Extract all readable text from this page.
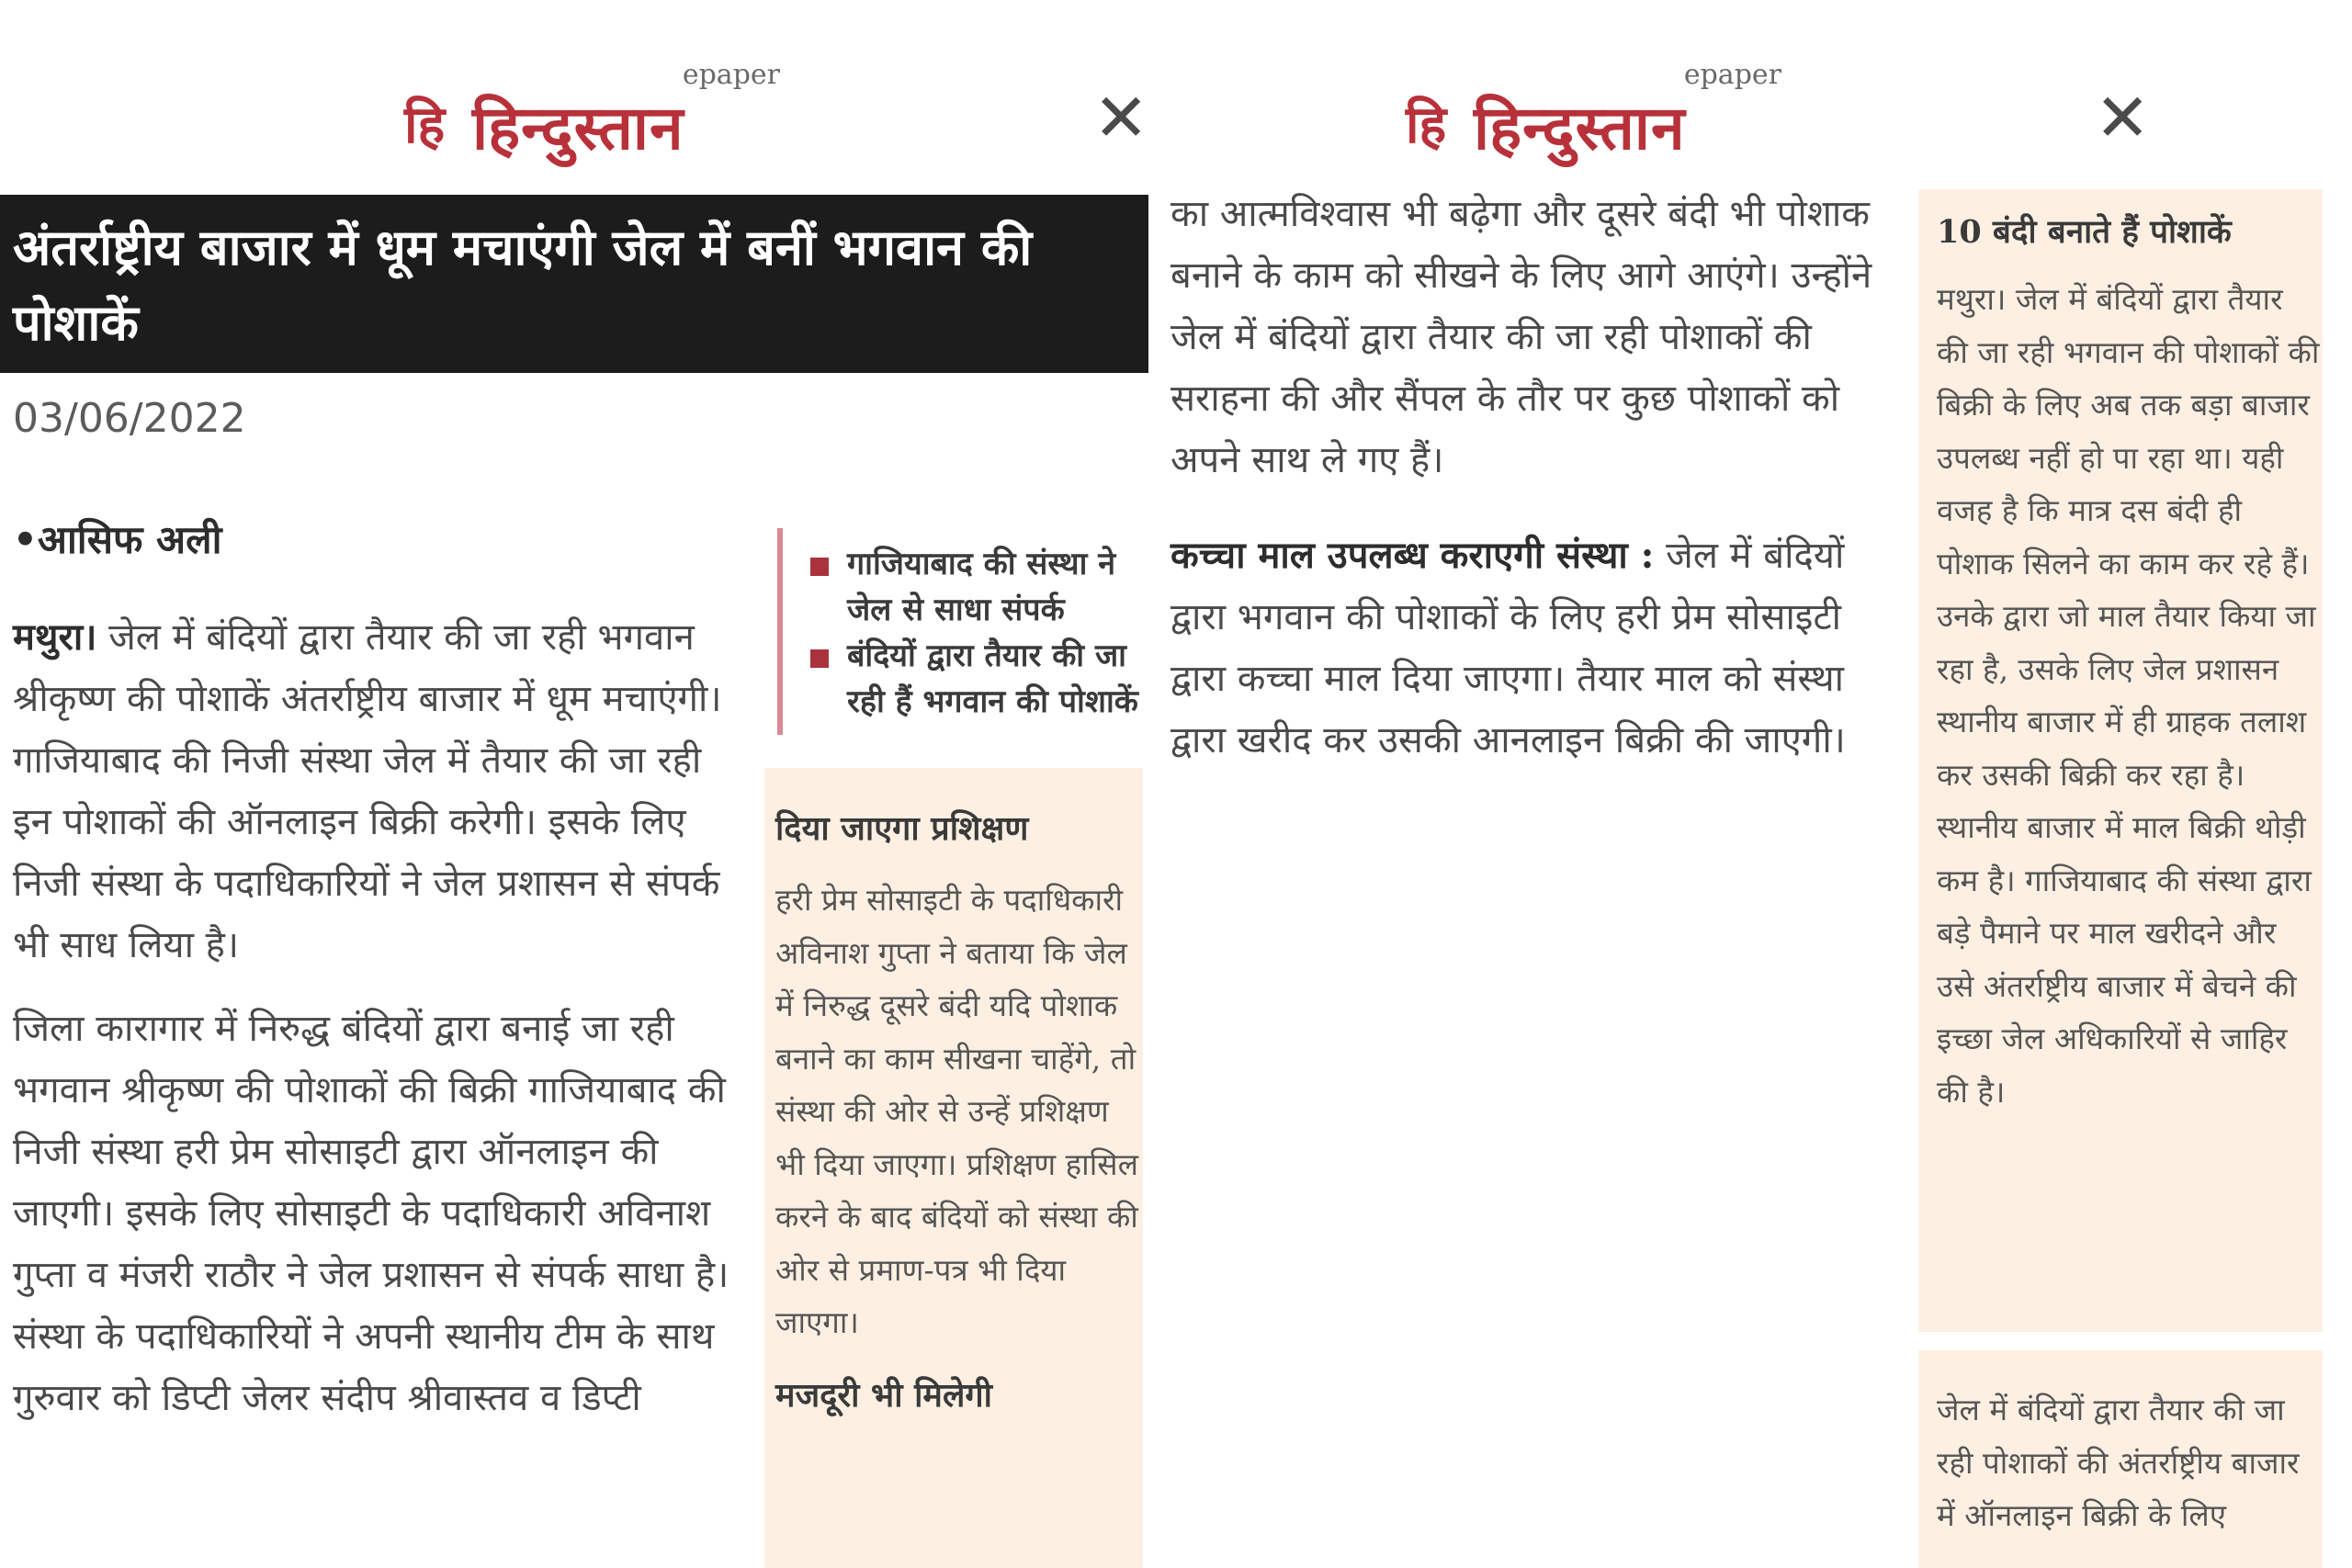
epaper
हि हिन्दुस्तान	✕
epaper
हि हिन्दुस्तान	✕
अंतर्राष्ट्रीय बाजार में धूम मचाएंगी जेल में बनीं भगवान की पोशाकें
03/06/2022
•आसिफ अली

मथुरा। जेल में बंदियों द्वारा तैयार की जा रही भगवान श्रीकृष्ण की पोशाकें अंतर्राष्ट्रीय बाजार में धूम मचाएंगी। गाजियाबाद की निजी संस्था जेल में तैयार की जा रही इन पोशाकों की ऑनलाइन बिक्री करेगी। इसके लिए निजी संस्था के पदाधिकारियों ने जेल प्रशासन से संपर्क भी साध लिया है।

जिला कारागार में निरुद्ध बंदियों द्वारा बनाई जा रही भगवान श्रीकृष्ण की पोशाकों की बिक्री गाजियाबाद की निजी संस्था हरी प्रेम सोसाइटी द्वारा ऑनलाइन की जाएगी। इसके लिए सोसाइटी के पदाधिकारी अविनाश गुप्ता व मंजरी राठौर ने जेल प्रशासन से संपर्क साधा है। संस्था के पदाधिकारियों ने अपनी स्थानीय टीम के साथ गुरुवार को डिप्टी जेलर संदीप श्रीवास्तव व डिप्टी

गाजियाबाद की संस्था ने जेल से साधा संपर्क
बंदियों द्वारा तैयार की जा रही हैं भगवान की पोशाकें
दिया जाएगा प्रशिक्षण
हरी प्रेम सोसाइटी के पदाधिकारी अविनाश गुप्ता ने बताया कि जेल में निरुद्ध दूसरे बंदी यदि पोशाक बनाने का काम सीखना चाहेंगे, तो संस्था की ओर से उन्हें प्रशिक्षण भी दिया जाएगा। प्रशिक्षण हासिल करने के बाद बंदियों को संस्था की ओर से प्रमाण-पत्र भी दिया जाएगा।
मजदूरी भी मिलेगी

का आत्मविश्वास भी बढ़ेगा और दूसरे बंदी भी पोशाक बनाने के काम को सीखने के लिए आगे आएंगे। उन्होंने जेल में बंदियों द्वारा तैयार की जा रही पोशाकों की सराहना की और सैंपल के तौर पर कुछ पोशाकों को अपने साथ ले गए हैं।

कच्चा माल उपलब्ध कराएगी संस्था : जेल में बंदियों द्वारा भगवान की पोशाकों के लिए हरी प्रेम सोसाइटी द्वारा कच्चा माल दिया जाएगा। तैयार माल को संस्था द्वारा खरीद कर उसकी आनलाइन बिक्री की जाएगी।

10 बंदी बनाते हैं पोशाकें
मथुरा। जेल में बंदियों द्वारा तैयार की जा रही भगवान की पोशाकों की बिक्री के लिए अब तक बड़ा बाजार उपलब्ध नहीं हो पा रहा था। यही वजह है कि मात्र दस बंदी ही पोशाक सिलने का काम कर रहे हैं। उनके द्वारा जो माल तैयार किया जा रहा है, उसके लिए जेल प्रशासन स्थानीय बाजार में ही ग्राहक तलाश कर उसकी बिक्री कर रहा है। स्थानीय बाजार में माल बिक्री थोड़ी कम है। गाजियाबाद की संस्था द्वारा बड़े पैमाने पर माल खरीदने और उसे अंतर्राष्ट्रीय बाजार में बेचने की इच्छा जेल अधिकारियों से जाहिर की है।
जेल में बंदियों द्वारा तैयार की जा रही पोशाकों की अंतर्राष्ट्रीय बाजार में ऑनलाइन बिक्री के लिए
